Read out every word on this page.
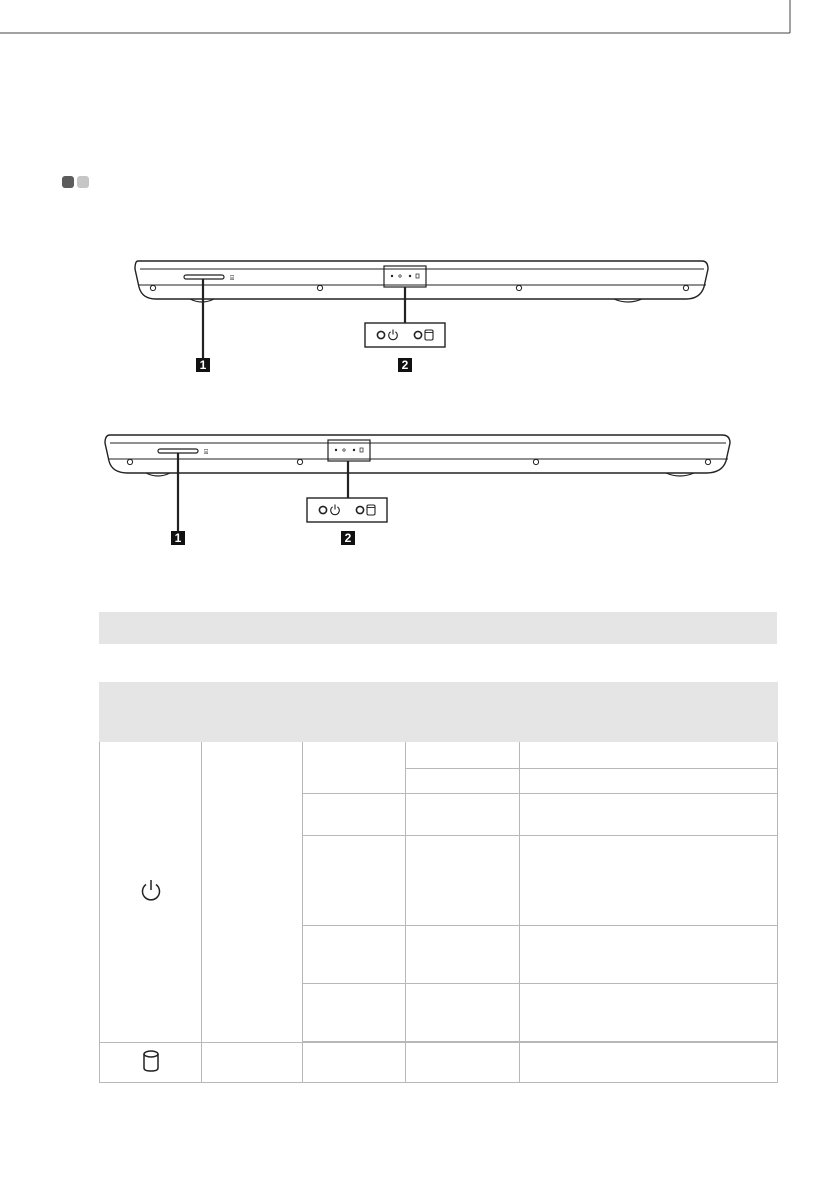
⌸
1	2
⌸
1	2
